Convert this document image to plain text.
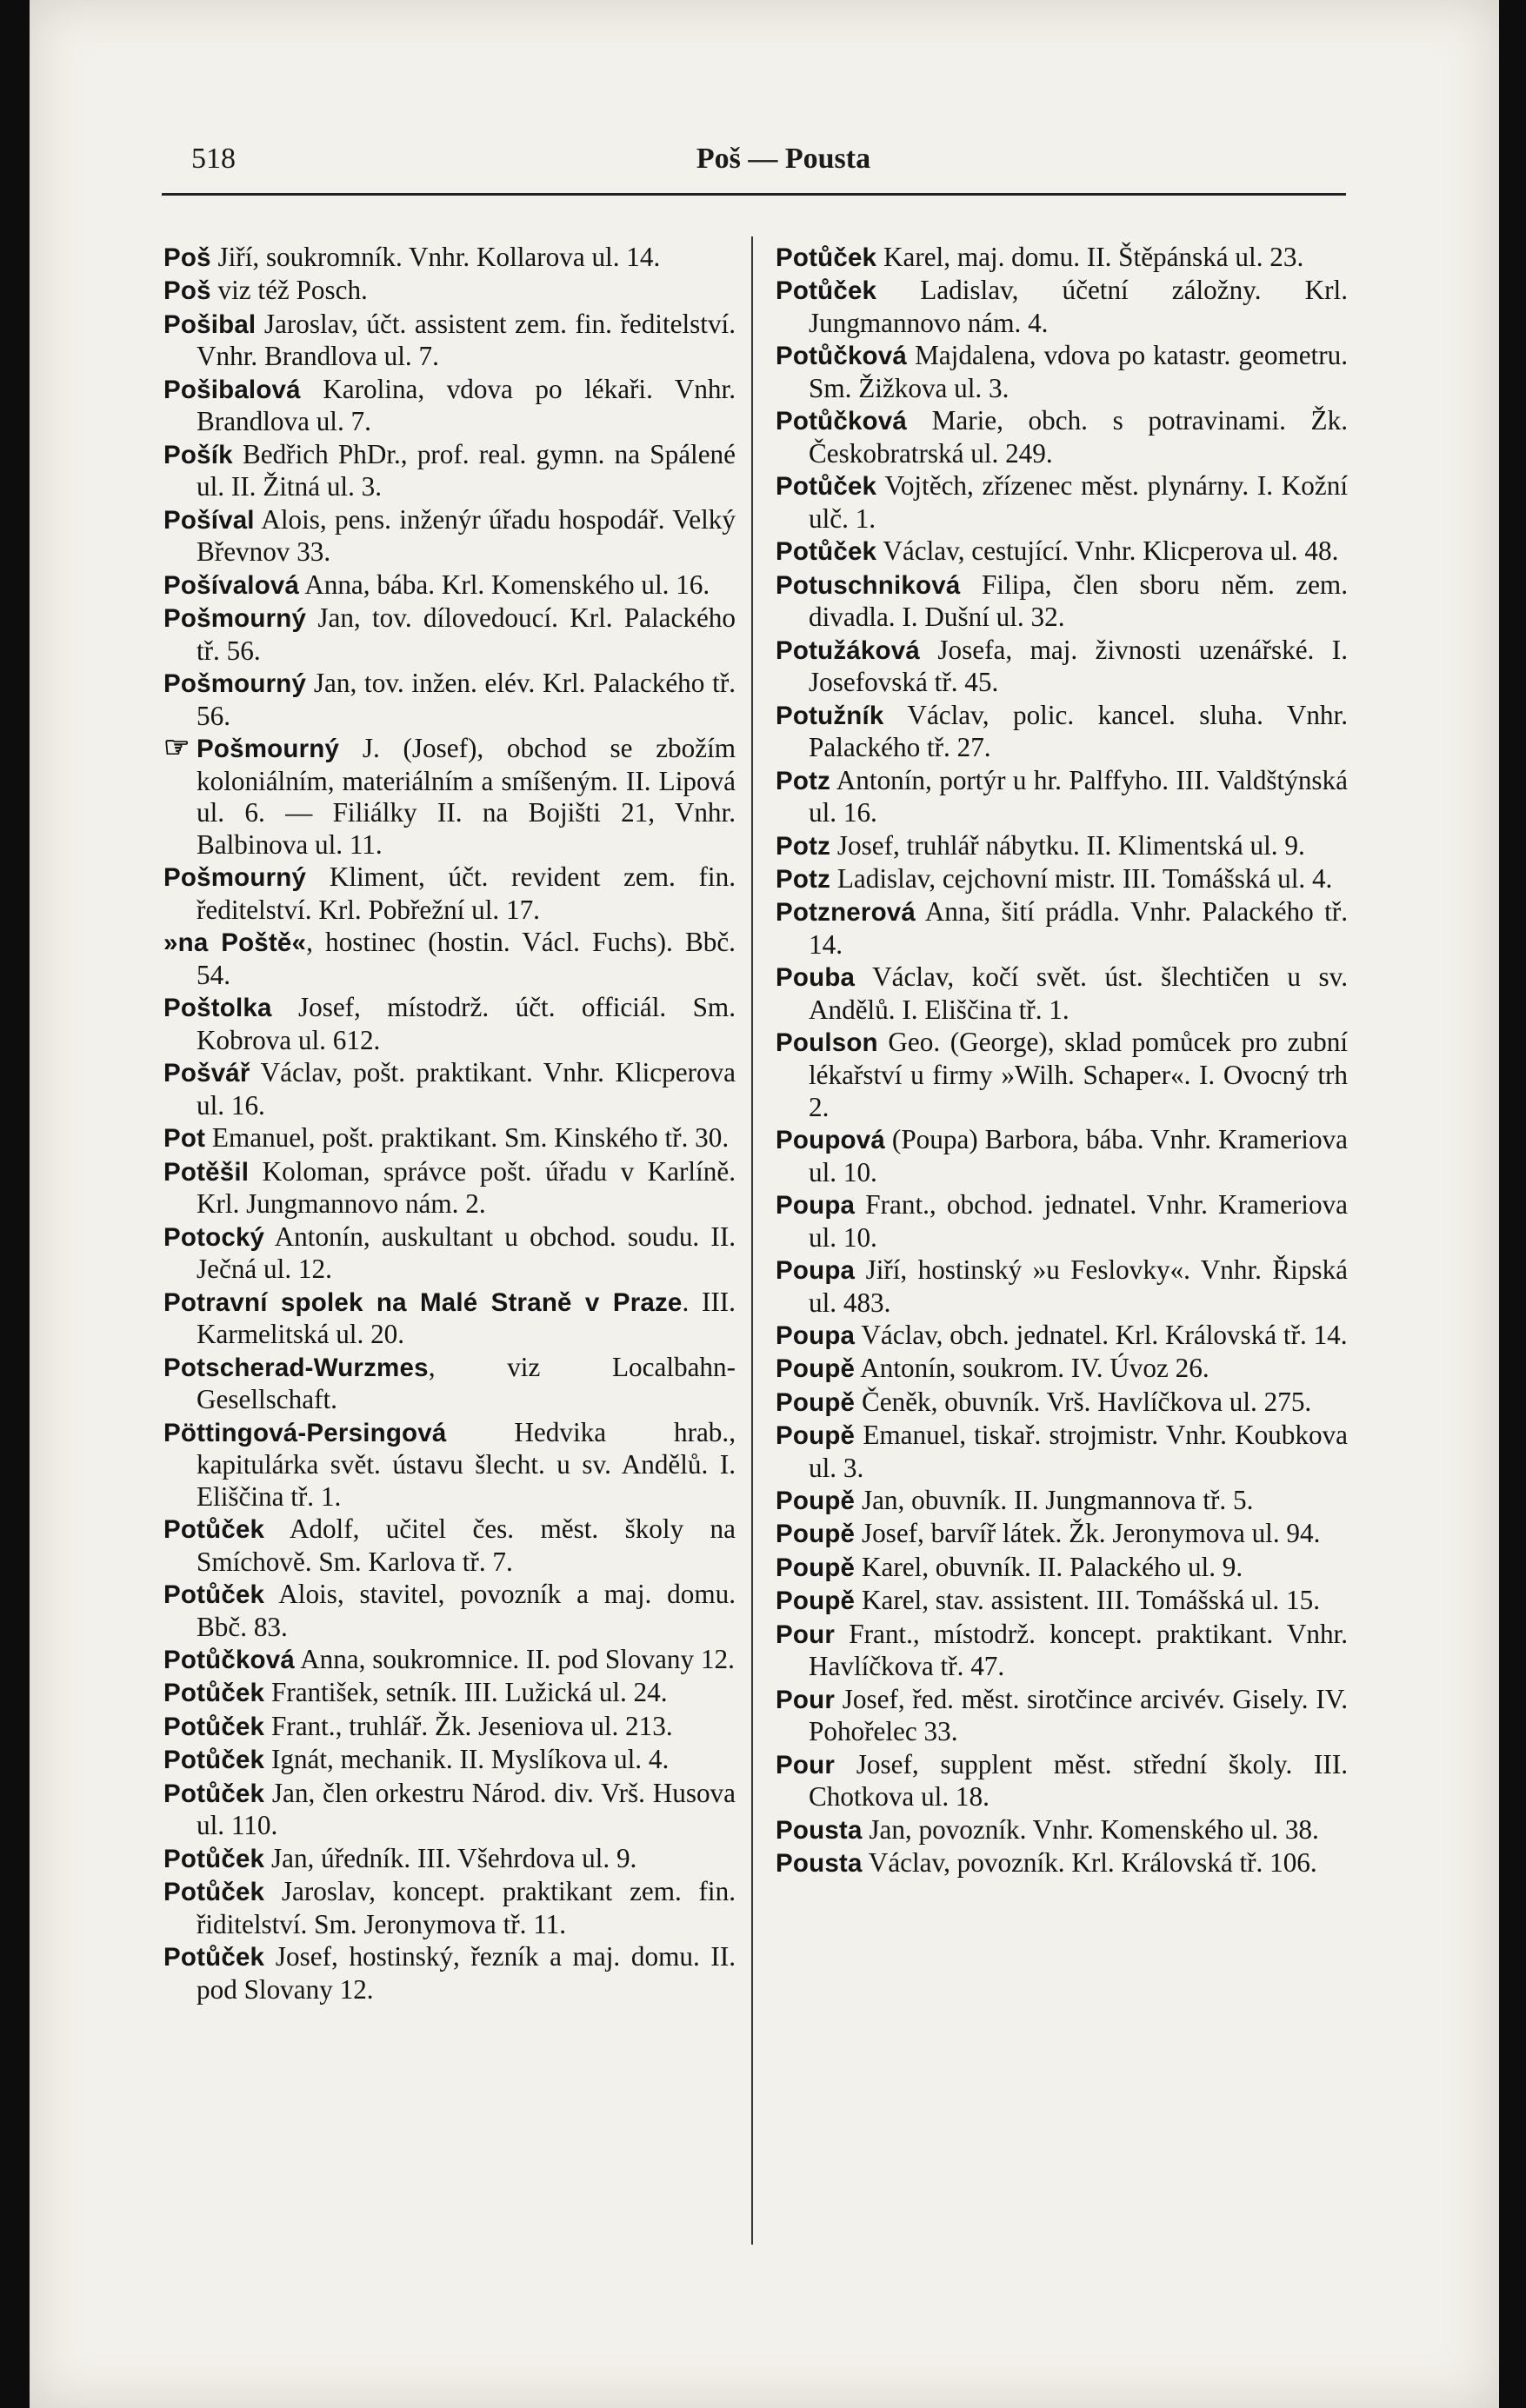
518	Poš — Pousta

Poš Jiří, soukromník. Vnhr. Kollarova ul. 14.

Poš viz též Posch.

Pošibal Jaroslav, účt. assistent zem. fin. ředitelství. Vnhr. Brandlova ul. 7.

Pošibalová Karolina, vdova po lékaři. Vnhr. Brandlova ul. 7.

Pošík Bedřich PhDr., prof. real. gymn. na Spálené ul. II. Žitná ul. 3.

Pošíval Alois, pens. inženýr úřadu hospodář. Velký Břevnov 33.

Pošívalová Anna, bába. Krl. Komenského ul. 16.

Pošmourný Jan, tov. dílovedoucí. Krl. Palackého tř. 56.

Pošmourný Jan, tov. inžen. elév. Krl. Palackého tř. 56.

☞ Pošmourný J. (Josef), obchod se zbožím koloniálním, materiálním a smíšeným. II. Lipová ul. 6. — Filiálky II. na Bojišti 21, Vnhr. Balbinova ul. 11.

Pošmourný Kliment, účt. revident zem. fin. ředitelství. Krl. Pobřežní ul. 17.

»na Poště«, hostinec (hostin. Václ. Fuchs). Bbč. 54.

Poštolka Josef, místodrž. účt. officiál. Sm. Kobrova ul. 612.

Pošvář Václav, pošt. praktikant. Vnhr. Klicperova ul. 16.

Pot Emanuel, pošt. praktikant. Sm. Kinského tř. 30.

Potěšil Koloman, správce pošt. úřadu v Karlíně. Krl. Jungmannovo nám. 2.

Potocký Antonín, auskultant u obchod. soudu. II. Ječná ul. 12.

Potravní spolek na Malé Straně v Praze. III. Karmelitská ul. 20.

Potscherad-Wurzmes, viz Localbahn-Gesellschaft.

Pöttingová-Persingová Hedvika hrab., kapitulárka svět. ústavu šlecht. u sv. Andělů. I. Eliščina tř. 1.

Potůček Adolf, učitel čes. měst. školy na Smíchově. Sm. Karlova tř. 7.

Potůček Alois, stavitel, povozník a maj. domu. Bbč. 83.

Potůčková Anna, soukromnice. II. pod Slovany 12.

Potůček František, setník. III. Lužická ul. 24.

Potůček Frant., truhlář. Žk. Jeseniova ul. 213.

Potůček Ignát, mechanik. II. Myslíkova ul. 4.

Potůček Jan, člen orkestru Národ. div. Vrš. Husova ul. 110.

Potůček Jan, úředník. III. Všehrdova ul. 9.

Potůček Jaroslav, koncept. praktikant zem. fin. řiditelství. Sm. Jeronymova tř. 11.

Potůček Josef, hostinský, řezník a maj. domu. II. pod Slovany 12.

Potůček Karel, maj. domu. II. Štěpánská ul. 23.

Potůček Ladislav, účetní záložny. Krl. Jungmannovo nám. 4.

Potůčková Majdalena, vdova po katastr. geometru. Sm. Žižkova ul. 3.

Potůčková Marie, obch. s potravinami. Žk. Českobratrská ul. 249.

Potůček Vojtěch, zřízenec měst. plynárny. I. Kožní ulč. 1.

Potůček Václav, cestující. Vnhr. Klicperova ul. 48.

Potuschniková Filipa, člen sboru něm. zem. divadla. I. Dušní ul. 32.

Potužáková Josefa, maj. živnosti uzenářské. I. Josefovská tř. 45.

Potužník Václav, polic. kancel. sluha. Vnhr. Palackého tř. 27.

Potz Antonín, portýr u hr. Palffyho. III. Valdštýnská ul. 16.

Potz Josef, truhlář nábytku. II. Klimentská ul. 9.

Potz Ladislav, cejchovní mistr. III. Tomášská ul. 4.

Potznerová Anna, šití prádla. Vnhr. Palackého tř. 14.

Pouba Václav, kočí svět. úst. šlechtičen u sv. Andělů. I. Eliščina tř. 1.

Poulson Geo. (George), sklad pomůcek pro zubní lékařství u firmy »Wilh. Schaper«. I. Ovocný trh 2.

Poupová (Poupa) Barbora, bába. Vnhr. Krameriova ul. 10.

Poupa Frant., obchod. jednatel. Vnhr. Krameriova ul. 10.

Poupa Jiří, hostinský »u Feslovky«. Vnhr. Řipská ul. 483.

Poupa Václav, obch. jednatel. Krl. Královská tř. 14.

Poupě Antonín, soukrom. IV. Úvoz 26.

Poupě Čeněk, obuvník. Vrš. Havlíčkova ul. 275.

Poupě Emanuel, tiskař. strojmistr. Vnhr. Koubkova ul. 3.

Poupě Jan, obuvník. II. Jungmannova tř. 5.

Poupě Josef, barvíř látek. Žk. Jeronymova ul. 94.

Poupě Karel, obuvník. II. Palackého ul. 9.

Poupě Karel, stav. assistent. III. Tomášská ul. 15.

Pour Frant., místodrž. koncept. praktikant. Vnhr. Havlíčkova tř. 47.

Pour Josef, řed. měst. sirotčince arcivév. Gisely. IV. Pohořelec 33.

Pour Josef, supplent měst. střední školy. III. Chotkova ul. 18.

Pousta Jan, povozník. Vnhr. Komenského ul. 38.

Pousta Václav, povozník. Krl. Královská tř. 106.
